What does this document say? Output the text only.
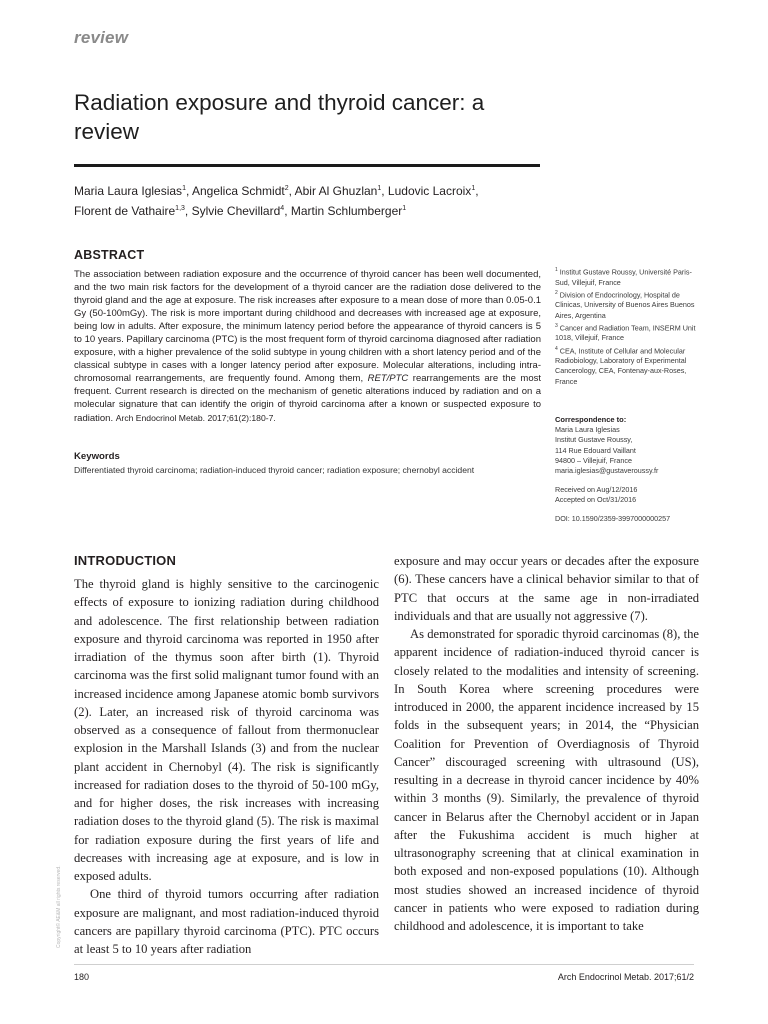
review
Radiation exposure and thyroid cancer: a review
Maria Laura Iglesias$^1$, Angelica Schmidt$^2$, Abir Al Ghuzlan$^1$, Ludovic Lacroix$^1$,
Florent de Vathaire$^{1,3}$, Sylvie Chevillard$^4$, Martin Schlumberger$^1$
ABSTRACT
The association between radiation exposure and the occurrence of thyroid cancer has been well documented, and the two main risk factors for the development of a thyroid cancer are the radiation dose delivered to the thyroid gland and the age at exposure. The risk increases after exposure to a mean dose of more than 0.05-0.1 Gy (50-100mGy). The risk is more important during childhood and decreases with increased age at exposure, being low in adults. After exposure, the minimum latency period before the appearance of thyroid cancers is 5 to 10 years. Papillary carcinoma (PTC) is the most frequent form of thyroid carcinoma diagnosed after radiation exposure, with a higher prevalence of the solid subtype in young children with a short latency period and of the classical subtype in cases with a longer latency period after exposure. Molecular alterations, including intra-chromosomal rearrangements, are frequently found. Among them, RET/PTC rearrangements are the most frequent. Current research is directed on the mechanism of genetic alterations induced by radiation and on a molecular signature that can identify the origin of thyroid carcinoma after a known or suspected exposure to radiation. Arch Endocrinol Metab. 2017;61(2):180-7.
Keywords
Differentiated thyroid carcinoma; radiation-induced thyroid cancer; radiation exposure; chernobyl accident
$^1$ Institut Gustave Roussy, Université Paris-Sud, Villejuif, France
$^2$ Division of Endocrinology, Hospital de Clinicas, University of Buenos Aires Buenos Aires, Argentina
$^3$ Cancer and Radiation Team, INSERM Unit 1018, Villejuif, France
$^4$ CEA, Institute of Cellular and Molecular Radiobiology, Laboratory of Experimental Cancerology, CEA, Fontenay-aux-Roses, France
Correspondence to:
Maria Laura Iglesias
Institut Gustave Roussy,
114 Rue Edouard Vaillant
94800 – Villejuif, France
maria.iglesias@gustaveroussy.fr
Received on Aug/12/2016
Accepted on Oct/31/2016
DOI: 10.1590/2359-3997000000257
INTRODUCTION

The thyroid gland is highly sensitive to the carcinogenic effects of exposure to ionizing radiation during childhood and adolescence. The first relationship between radiation exposure and thyroid carcinoma was reported in 1950 after irradiation of the thymus soon after birth (1). Thyroid carcinoma was the first solid malignant tumor found with an increased incidence among Japanese atomic bomb survivors (2). Later, an increased risk of thyroid carcinoma was observed as a consequence of fallout from thermonuclear explosion in the Marshall Islands (3) and from the nuclear plant accident in Chernobyl (4). The risk is significantly increased for radiation doses to the thyroid of 50-100 mGy, and for higher doses, the risk increases with increasing radiation doses to the thyroid gland (5). The risk is maximal for radiation exposure during the first years of life and decreases with increasing age at exposure, and is low in exposed adults.

One third of thyroid tumors occurring after radiation exposure are malignant, and most radiation-induced thyroid cancers are papillary thyroid carcinoma (PTC). PTC occurs at least 5 to 10 years after radiation

exposure and may occur years or decades after the exposure (6). These cancers have a clinical behavior similar to that of PTC that occurs at the same age in non-irradiated individuals and that are usually not aggressive (7).

As demonstrated for sporadic thyroid carcinomas (8), the apparent incidence of radiation-induced thyroid cancer is closely related to the modalities and intensity of screening. In South Korea where screening procedures were introduced in 2000, the apparent incidence increased by 15 folds in the subsequent years; in 2014, the “Physician Coalition for Prevention of Overdiagnosis of Thyroid Cancer” discouraged screening with ultrasound (US), resulting in a decrease in thyroid cancer incidence by 40% within 3 months (9). Similarly, the prevalence of thyroid cancer in Belarus after the Chernobyl accident or in Japan after the Fukushima accident is much higher at ultrasonography screening that at clinical examination in both exposed and non-exposed populations (10). Although most studies showed an increased incidence of thyroid cancer in patients who were exposed to radiation during childhood and adolescence, it is important to take

Copyright© AE&M all rights reserved.
180	Arch Endocrinol Metab. 2017;61/2
